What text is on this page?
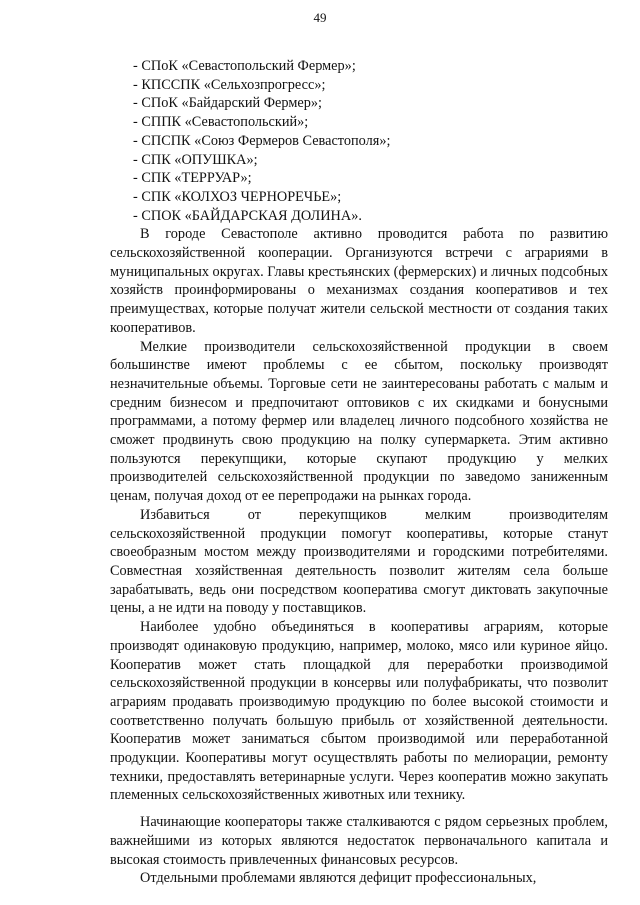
49
- СПоК «Севастопольский Фермер»;
- КПССПК «Сельхозпрогресс»;
- СПоК «Байдарский Фермер»;
- СППК «Севастопольский»;
- СПСПК «Союз Фермеров Севастополя»;
- СПК «ОПУШКА»;
- СПК «ТЕРРУАР»;
- СПК «КОЛХОЗ ЧЕРНОРЕЧЬЕ»;
- СПОК «БАЙДАРСКАЯ ДОЛИНА».

В городе Севастополе активно проводится работа по развитию сельскохозяйственной кооперации. Организуются встречи с аграриями в муниципальных округах. Главы крестьянских (фермерских) и личных подсобных хозяйств проинформированы о механизмах создания кооперативов и тех преимуществах, которые получат жители сельской местности от создания таких кооперативов.

Мелкие производители сельскохозяйственной продукции в своем большинстве имеют проблемы с ее сбытом, поскольку производят незначительные объемы. Торговые сети не заинтересованы работать с малым и средним бизнесом и предпочитают оптовиков с их скидками и бонусными программами, а потому фермер или владелец личного подсобного хозяйства не сможет продвинуть свою продукцию на полку супермаркета. Этим активно пользуются перекупщики, которые скупают продукцию у мелких производителей сельскохозяйственной продукции по заведомо заниженным ценам, получая доход от ее перепродажи на рынках города.

Избавиться от перекупщиков мелким производителям сельскохозяйственной продукции помогут кооперативы, которые станут своеобразным мостом между производителями и городскими потребителями. Совместная хозяйственная деятельность позволит жителям села больше зарабатывать, ведь они посредством кооператива смогут диктовать закупочные цены, а не идти на поводу у поставщиков.

Наиболее удобно объединяться в кооперативы аграриям, которые производят одинаковую продукцию, например, молоко, мясо или куриное яйцо. Кооператив может стать площадкой для переработки производимой сельскохозяйственной продукции в консервы или полуфабрикаты, что позволит аграриям продавать производимую продукцию по более высокой стоимости и соответственно получать большую прибыль от хозяйственной деятельности. Кооператив может заниматься сбытом производимой или переработанной продукции. Кооперативы могут осуществлять работы по мелиорации, ремонту техники, предоставлять ветеринарные услуги. Через кооператив можно закупать племенных сельскохозяйственных животных или технику.

Начинающие кооператоры также сталкиваются с рядом серьезных проблем, важнейшими из которых являются недостаток первоначального капитала и высокая стоимость привлеченных финансовых ресурсов.

Отдельными проблемами являются дефицит профессиональных,
